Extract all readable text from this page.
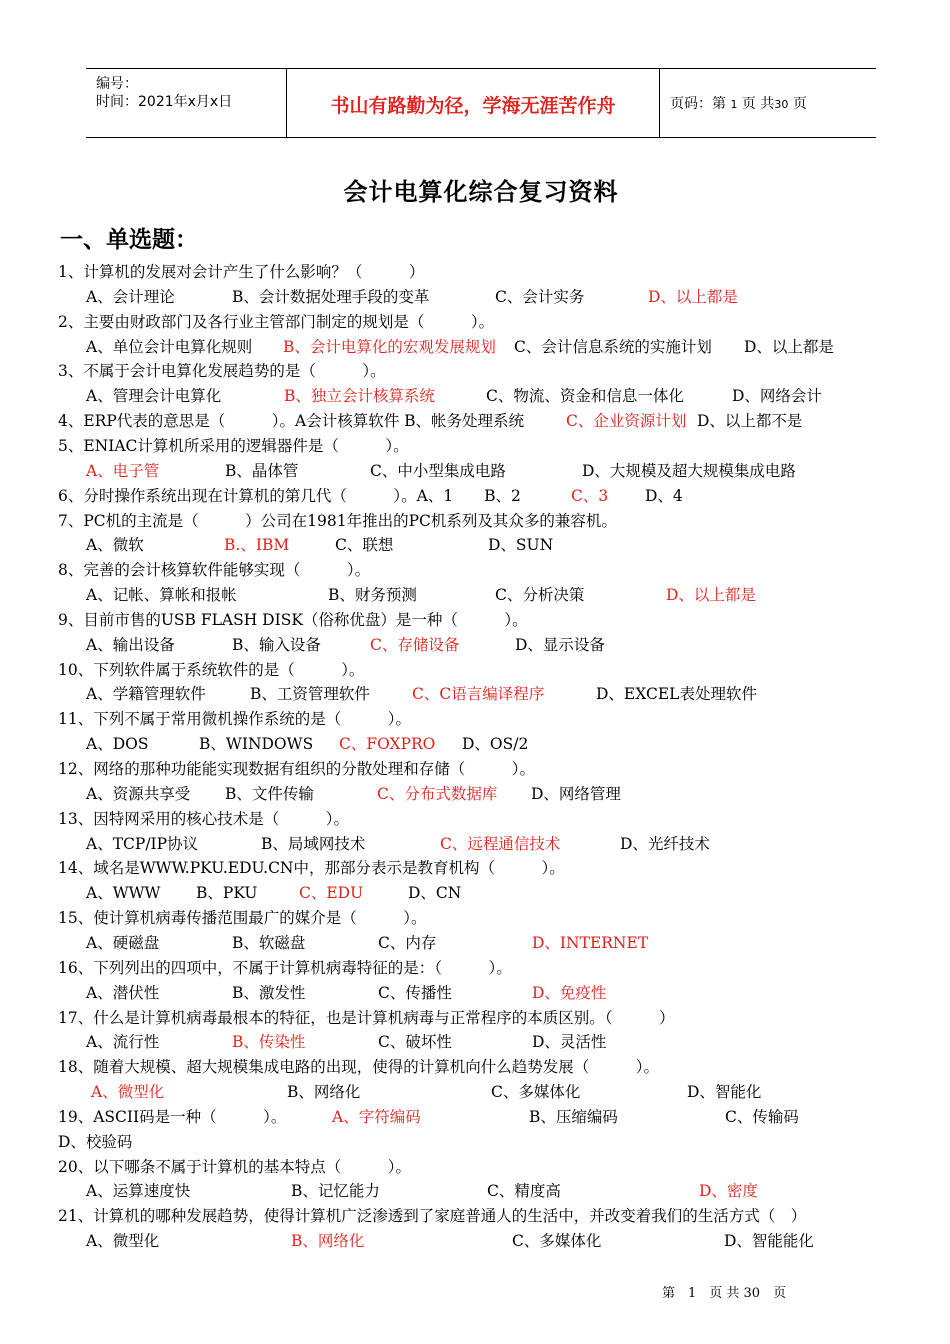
编号：
时间：2021年x月x日	书山有路勤为径，学海无涯苦作舟	页码：第 1 页 共30 页
会计电算化综合复习资料
一、单选题：
1、计算机的发展对会计产生了什么影响？（　　　）
A、会计理论	B、会计数据处理手段的变革	C、会计实务	D、以上都是
2、主要由财政部门及各行业主管部门制定的规划是（　　　）。
A、单位会计电算化规则 B、会计电算化的宏观发展规划 C、会计信息系统的实施计划 D、以上都是
3、不属于会计电算化发展趋势的是（　　　）。
A、管理会计电算化	B、独立会计核算系统	C、物流、资金和信息一体化	D、网络会计
4、ERP代表的意思是（　　　）。A会计核算软件 B、帐务处理系统	C、企业资源计划 D、以上都不是
5、ENIAC计算机所采用的逻辑器件是（　　　）。
A、电子管	B、晶体管	C、中小型集成电路	D、大规模及超大规模集成电路
6、分时操作系统出现在计算机的第几代（　　　）。A、1　　B、2	C、3 D、4
7、PC机的主流是（　　　）公司在1981年推出的PC机系列及其众多的兼容机。
A、微软	B.、IBM	C、联想	D、SUN
8、完善的会计核算软件能够实现（　　　）。
A、记帐、算帐和报帐	B、财务预测	C、分析决策	D、以上都是
9、目前市售的USB FLASH DISK（俗称优盘）是一种（　　　）。
A、输出设备	B、输入设备	C、存储设备	D、显示设备
10、下列软件属于系统软件的是（　　　）。
A、学籍管理软件	B、工资管理软件	C、C语言编译程序	D、EXCEL表处理软件
11、下列不属于常用微机操作系统的是（　　　）。
A、DOS	B、WINDOWS C、FOXPRO D、OS/2
12、网络的那种功能能实现数据有组织的分散处理和存储（　　　）。
A、资源共享受 B、文件传输	C、分布式数据库 D、网络管理
13、因特网采用的核心技术是（　　　）。
A、TCP/IP协议	B、局域网技术	C、远程通信技术	D、光纤技术
14、域名是WWW.PKU.EDU.CN中，那部分表示是教育机构（　　　）。
A、WWW B、PKU	C、EDU	D、CN
15、使计算机病毒传播范围最广的媒介是（　　　）。
A、硬磁盘	B、软磁盘	C、内存	D、INTERNET
16、下列列出的四项中，不属于计算机病毒特征的是：（　　　）。
A、潜伏性	B、激发性	C、传播性	D、免疫性
17、什么是计算机病毒最根本的特征，也是计算机病毒与正常程序的本质区别。（　　　）
A、流行性	B、传染性	C、破坏性	D、灵活性
18、随着大规模、超大规模集成电路的出现，使得的计算机向什么趋势发展（　　　）。
A、微型化	B、网络化	C、多媒体化	D、智能化
19、ASCII码是一种（　　　）。	A、字符编码	B、压缩编码	C、传输码
D、校验码
20、以下哪条不属于计算机的基本特点（　　　）。
A、运算速度快	B、记忆能力	C、精度高	D、密度
21、计算机的哪种发展趋势，使得计算机广泛渗透到了家庭普通人的生活中，并改变着我们的生活方式（　）
A、微型化	B、网络化	C、多媒体化	D、智能能化
第　1　页 共 30　页
